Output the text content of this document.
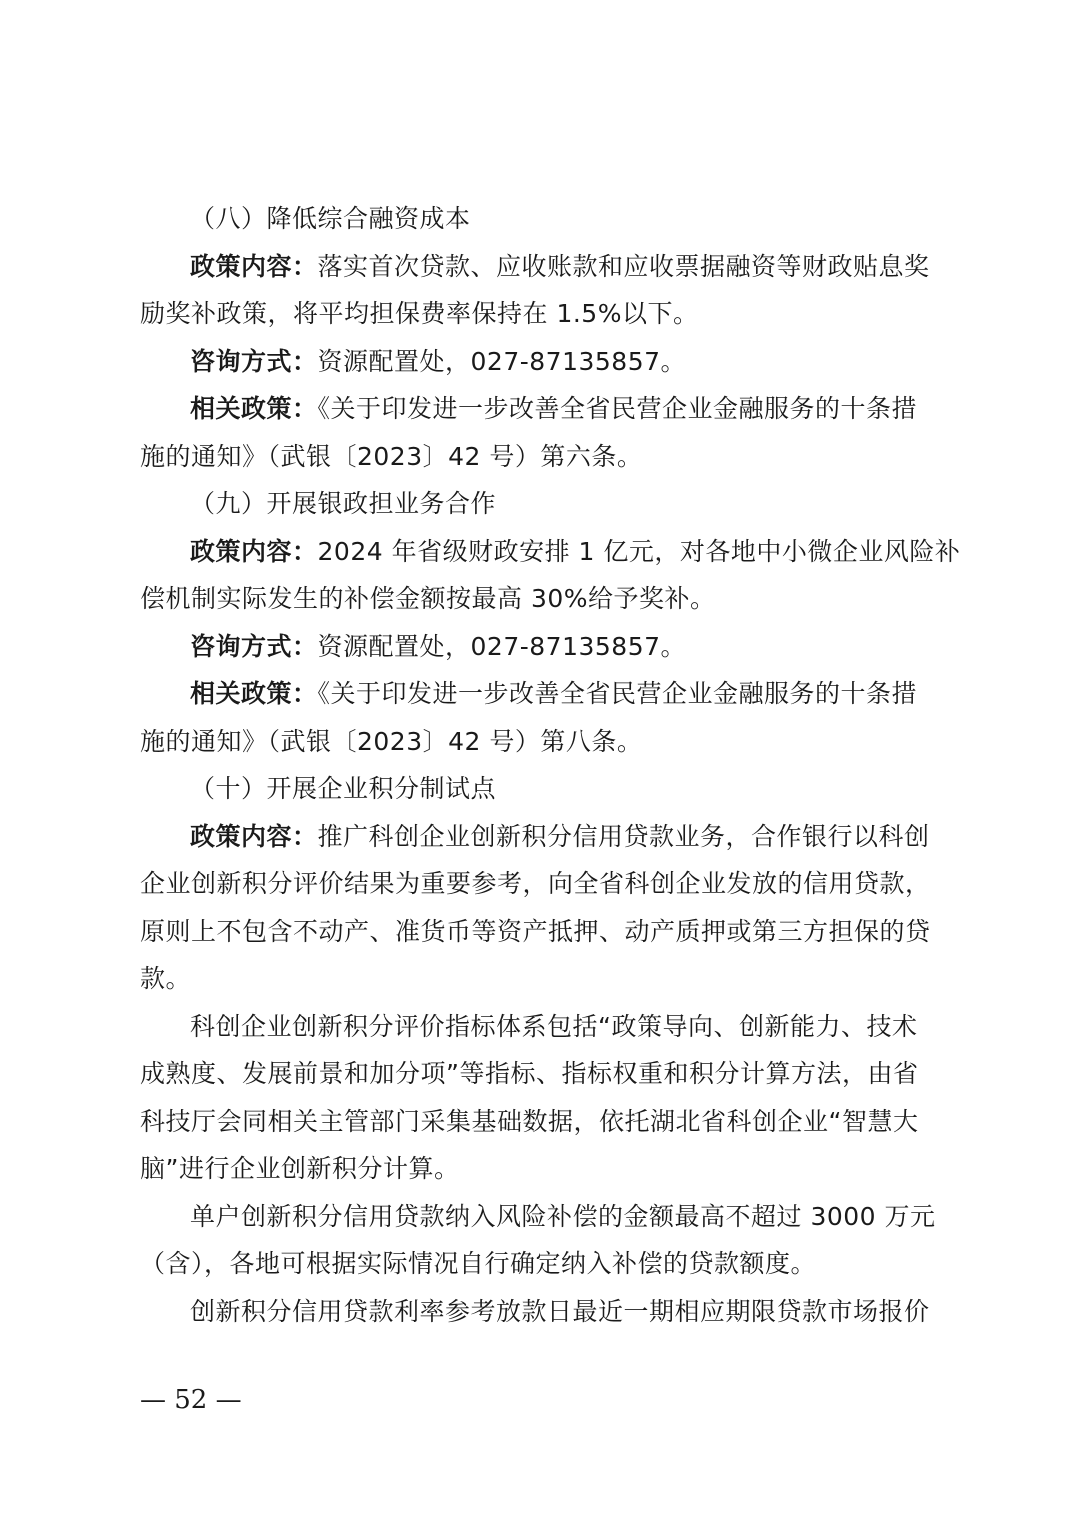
（八）降低综合融资成本
政策内容：落实首次贷款、应收账款和应收票据融资等财政贴息奖
励奖补政策，将平均担保费率保持在 1.5%以下。
咨询方式：资源配置处，027-87135857。
相关政策：《关于印发进一步改善全省民营企业金融服务的十条措
施的通知》（武银〔2023〕42 号）第六条。
（九）开展银政担业务合作
政策内容：2024 年省级财政安排 1 亿元，对各地中小微企业风险补
偿机制实际发生的补偿金额按最高 30%给予奖补。
咨询方式：资源配置处，027-87135857。
相关政策：《关于印发进一步改善全省民营企业金融服务的十条措
施的通知》（武银〔2023〕42 号）第八条。
（十）开展企业积分制试点
政策内容：推广科创企业创新积分信用贷款业务，合作银行以科创
企业创新积分评价结果为重要参考，向全省科创企业发放的信用贷款，
原则上不包含不动产、准货币等资产抵押、动产质押或第三方担保的贷
款。
科创企业创新积分评价指标体系包括“政策导向、创新能力、技术
成熟度、发展前景和加分项”等指标、指标权重和积分计算方法，由省
科技厅会同相关主管部门采集基础数据，依托湖北省科创企业“智慧大
脑”进行企业创新积分计算。
单户创新积分信用贷款纳入风险补偿的金额最高不超过 3000 万元
（含），各地可根据实际情况自行确定纳入补偿的贷款额度。
创新积分信用贷款利率参考放款日最近一期相应期限贷款市场报价
— 52 —
